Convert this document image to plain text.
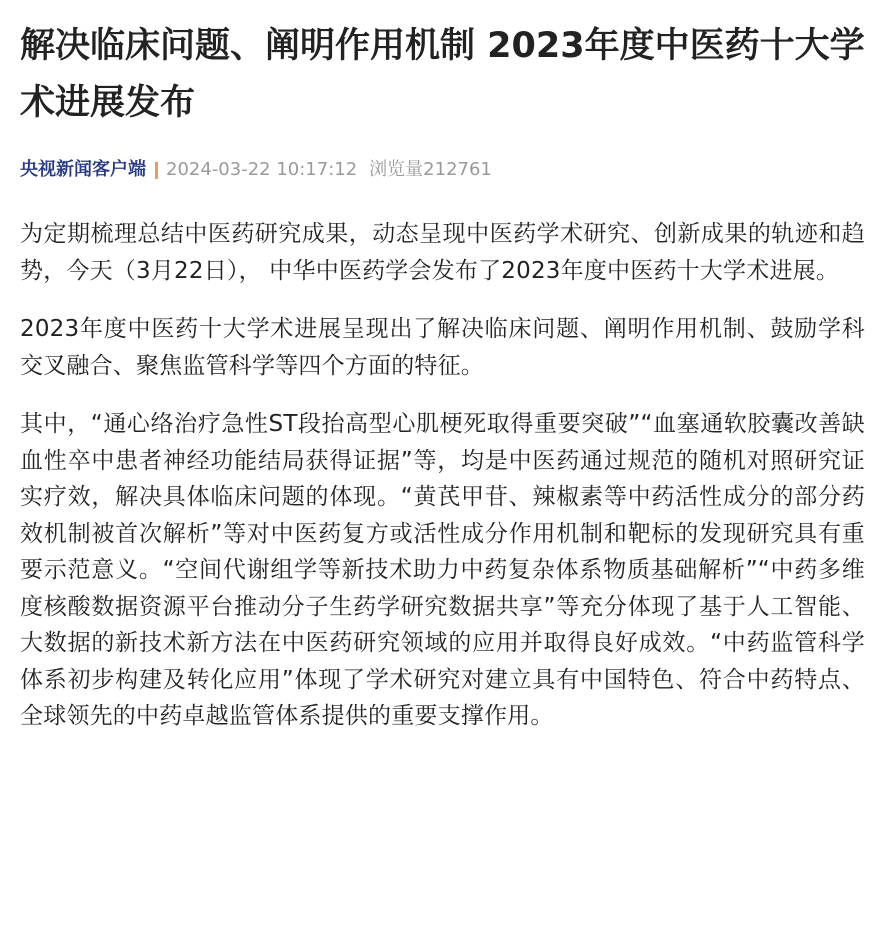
解决临床问题、阐明作用机制 2023年度中医药十大学术进展发布
央视新闻客户端 2024-03-22 10:17:12 浏览量212761

为定期梳理总结中医药研究成果，动态呈现中医药学术研究、创新成果的轨迹和趋势，今天（3月22日）， 中华中医药学会发布了2023年度中医药十大学术进展。

2023年度中医药十大学术进展呈现出了解决临床问题、阐明作用机制、鼓励学科交叉融合、聚焦监管科学等四个方面的特征。

其中，“通心络治疗急性ST段抬高型心肌梗死取得重要突破”“血塞通软胶囊改善缺血性卒中患者神经功能结局获得证据”等，均是中医药通过规范的随机对照研究证实疗效，解决具体临床问题的体现。“黄芪甲苷、辣椒素等中药活性成分的部分药效机制被首次解析”等对中医药复方或活性成分作用机制和靶标的发现研究具有重要示范意义。“空间代谢组学等新技术助力中药复杂体系物质基础解析”“中药多维度核酸数据资源平台推动分子生药学研究数据共享”等充分体现了基于人工智能、大数据的新技术新方法在中医药研究领域的应用并取得良好成效。“中药监管科学体系初步构建及转化应用”体现了学术研究对建立具有中国特色、符合中药特点、全球领先的中药卓越监管体系提供的重要支撑作用。
